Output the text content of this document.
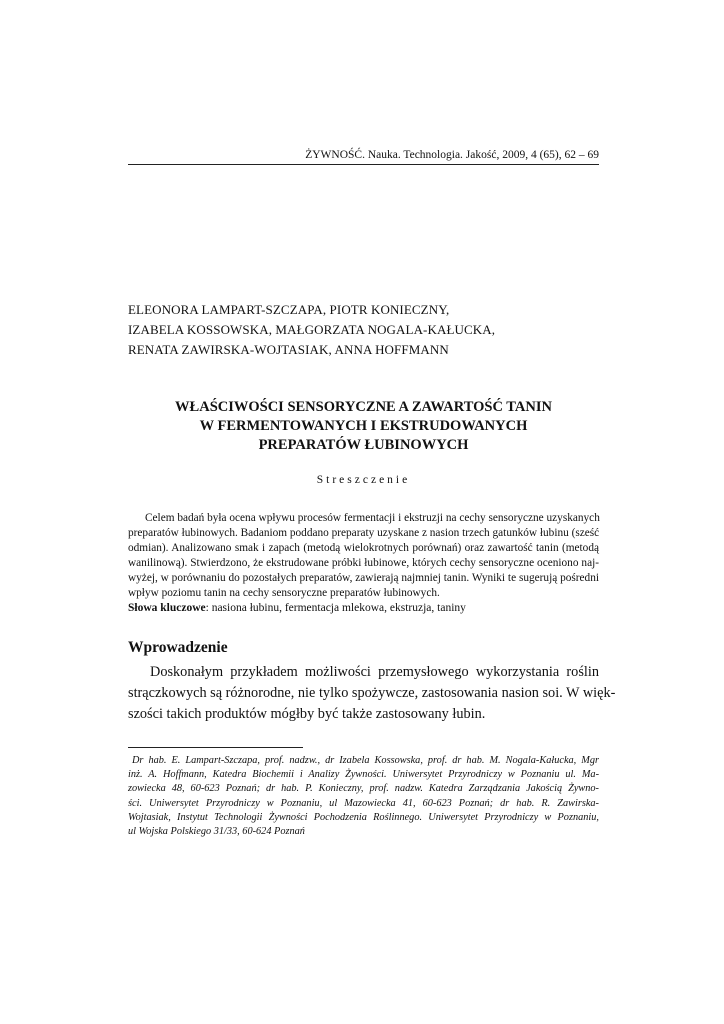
ŻYWNOŚĆ. Nauka. Technologia. Jakość, 2009, 4 (65), 62 – 69
ELEONORA LAMPART-SZCZAPA, PIOTR KONIECZNY,
IZABELA KOSSOWSKA, MAŁGORZATA NOGALA-KAŁUCKA,
RENATA ZAWIRSKA-WOJTASIAK, ANNA HOFFMANN
WŁAŚCIWOŚCI SENSORYCZNE A ZAWARTOŚĆ TANIN
W FERMENTOWANYCH I EKSTRUDOWANYCH
PREPARATÓW ŁUBINOWYCH
Streszczenie
Celem badań była ocena wpływu procesów fermentacji i ekstruzji na cechy sensoryczne uzyskanych
preparatów łubinowych. Badaniom poddano preparaty uzyskane z nasion trzech gatunków łubinu (sześć
odmian). Analizowano smak i zapach (metodą wielokrotnych porównań) oraz zawartość tanin (metodą
wanilinową). Stwierdzono, że ekstrudowane próbki łubinowe, których cechy sensoryczne oceniono naj-
wyżej, w porównaniu do pozostałych preparatów, zawierają najmniej tanin. Wyniki te sugerują pośredni
wpływ poziomu tanin na cechy sensoryczne preparatów łubinowych.
Słowa kluczowe: nasiona łubinu, fermentacja mlekowa, ekstruzja, taniny
Wprowadzenie
Doskonałym przykładem możliwości przemysłowego wykorzystania roślin
strączkowych są różnorodne, nie tylko spożywcze, zastosowania nasion soi. W więk-
szości takich produktów mógłby być także zastosowany łubin.
Dr hab. E. Lampart-Szczapa, prof. nadzw., dr Izabela Kossowska, prof. dr hab. M. Nogala-Kałucka, Mgr
inż. A. Hoffmann, Katedra Biochemii i Analizy Żywności. Uniwersytet Przyrodniczy w Poznaniu ul. Ma-
zowiecka 48, 60-623 Poznań; dr hab. P. Konieczny, prof. nadzw. Katedra Zarządzania Jakością Żywno-
ści. Uniwersytet Przyrodniczy w Poznaniu, ul Mazowiecka 41, 60-623 Poznań; dr hab. R. Zawirska-
Wojtasiak, Instytut Technologii Żywności Pochodzenia Roślinnego. Uniwersytet Przyrodniczy w Poznaniu,
ul Wojska Polskiego 31/33, 60-624 Poznań
